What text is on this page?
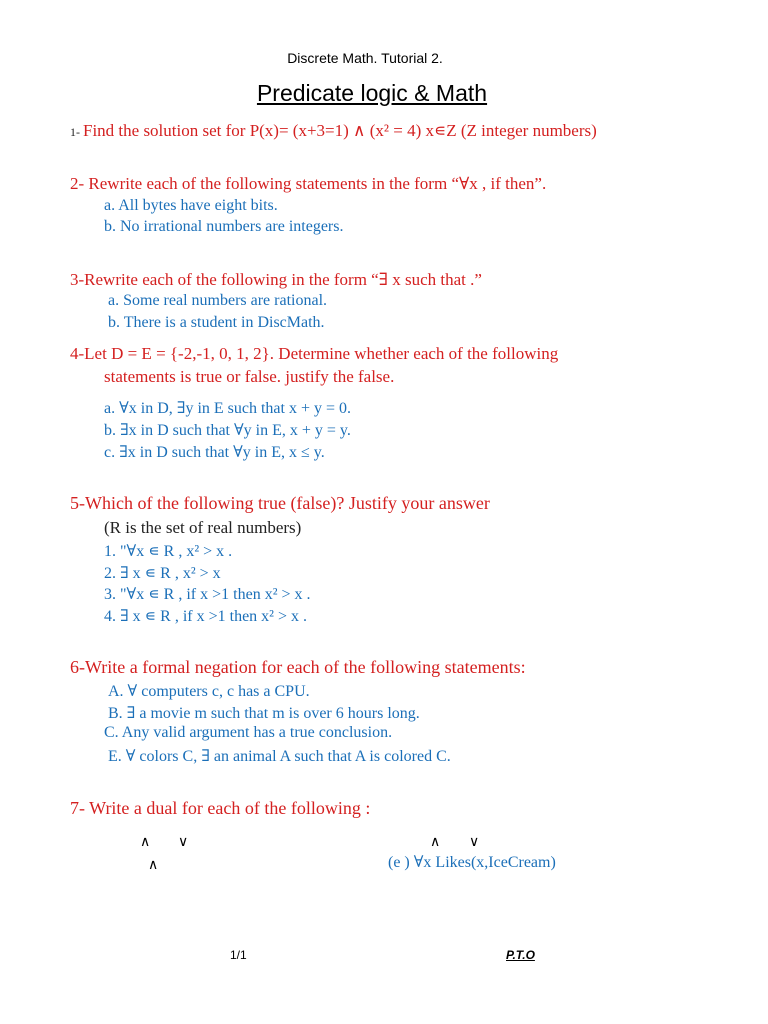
Discrete Math. Tutorial 2.
Predicate logic & Math
1- Find the solution set for P(x)= (x+3=1) ∧ (x² = 4) x∊Z (Z integer numbers)
2- Rewrite each of the following statements in the form “∀x , if then”.
a. All bytes have eight bits.
b. No irrational numbers are integers.
3-Rewrite each of the following in the form “∃ x such that .”
a. Some real numbers are rational.
b. There is a student in DiscMath.
4-Let D = E = {-2,-1, 0, 1, 2}. Determine whether each of the following
statements is true or false. justify the false.
a. ∀x in D, ∃y in E such that x + y = 0.
b. ∃x in D such that ∀y in E, x + y = y.
c. ∃x in D such that ∀y in E, x ≤ y.
5-Which of the following true (false)? Justify your answer
(R is the set of real numbers)
1. "∀x ∊ R , x² > x .
2. ∃ x ∊ R , x² > x
3. "∀x ∊ R , if x >1 then x² > x .
4. ∃ x ∊ R , if x >1 then x² > x .
6-Write a formal negation for each of the following statements:
A. ∀ computers c, c has a CPU.
B. ∃ a movie m such that m is over 6 hours long.
C. Any valid argument has a true conclusion.
E. ∀ colors C, ∃ an animal A such that A is colored C.
7- Write a dual for each of the following :
∧ ∨
∧
∧ ∨
(e ) ∀x Likes(x,IceCream)
1/1	P.T.O
